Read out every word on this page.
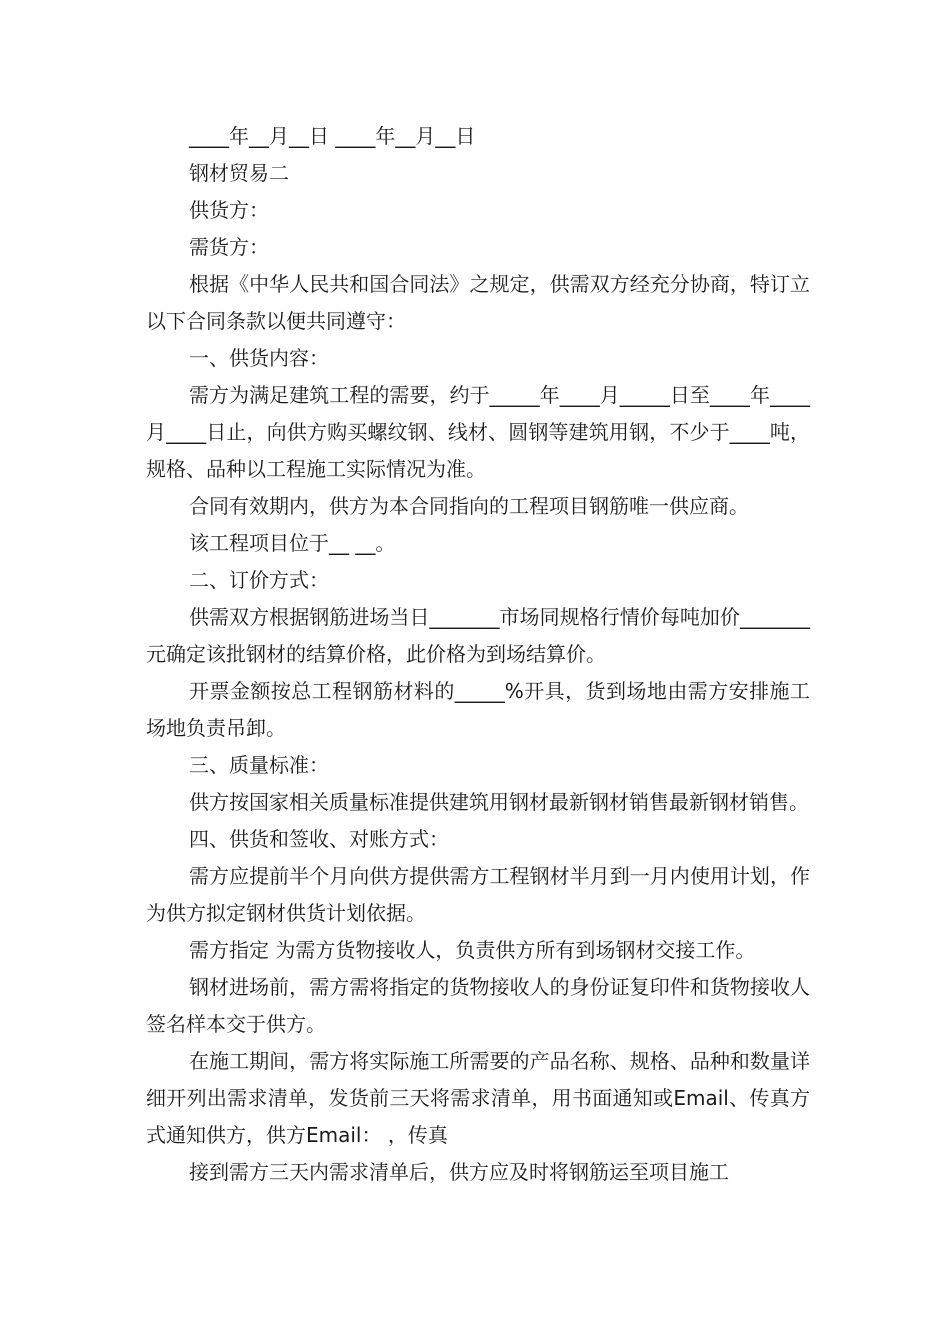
____年__月__日 ____年__月__日

钢材贸易二

供货方：

需货方：

根据《中华人民共和国合同法》之规定，供需双方经充分协商，特订立以下合同条款以便共同遵守：

一、供货内容：

需方为满足建筑工程的需要，约于_____年____月_____日至____年____月____日止，向供方购买螺纹钢、线材、圆钢等建筑用钢，不少于____吨，规格、品种以工程施工实际情况为准。

合同有效期内，供方为本合同指向的工程项目钢筋唯一供应商。

该工程项目位于__ __。

二、订价方式：

供需双方根据钢筋进场当日_______市场同规格行情价每吨加价_______元确定该批钢材的结算价格，此价格为到场结算价。

开票金额按总工程钢筋材料的_____%开具，货到场地由需方安排施工场地负责吊卸。

三、质量标准：

供方按国家相关质量标准提供建筑用钢材最新钢材销售最新钢材销售。

四、供货和签收、对账方式：

需方应提前半个月向供方提供需方工程钢材半月到一月内使用计划，作为供方拟定钢材供货计划依据。

需方指定 为需方货物接收人，负责供方所有到场钢材交接工作。

钢材进场前，需方需将指定的货物接收人的身份证复印件和货物接收人签名样本交于供方。

在施工期间，需方将实际施工所需要的产品名称、规格、品种和数量详细开列出需求清单，发货前三天将需求清单，用书面通知或Email、传真方式通知供方，供方Email： ，传真

接到需方三天内需求清单后，供方应及时将钢筋运至项目施工
